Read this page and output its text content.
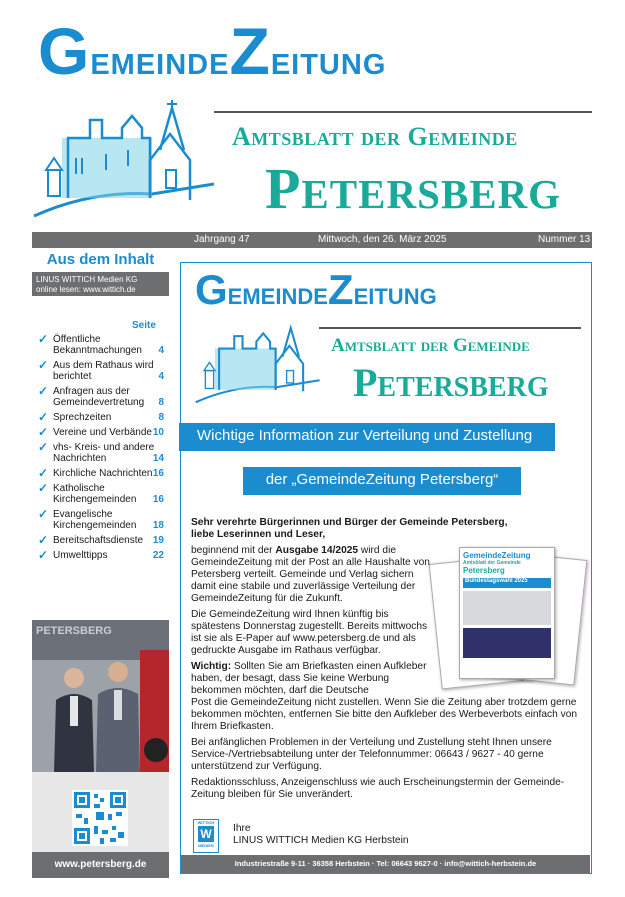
GemeindeZeitung
Amtsblatt der Gemeinde
Petersberg
Jahrgang 47	Mittwoch, den 26. März 2025	Nummer 13
Aus dem Inhalt
LINUS WITTICH Medien KG
online lesen: www.wittich.de
Seite
✓ Öffentliche Bekanntmachungen 4
✓ Aus dem Rathaus wird berichtet	4
✓ Anfragen aus der Gemeindevertretung 8
✓ Sprechzeiten	8
✓ Vereine und Verbände 10
✓ vhs- Kreis- und andere Nachrichten	14
✓ Kirchliche Nachrichten 16
✓ Katholische Kirchengemeinden 16
✓ Evangelische Kirchengemeinden 18
✓ Bereitschaftsdienste 19
✓ Umwelttipps	22
PETERSBERG
www.petersberg.de
GemeindeZeitung
Amtsblatt der Gemeinde
Petersberg
Wichtige Information zur Verteilung und Zustellung
der „GemeindeZeitung Petersberg“
GemeindeZeitung
Amtsblatt der Gemeinde
Petersberg
Bundestagswahl 2025

Sehr verehrte Bürgerinnen und Bürger der Gemeinde Petersberg,
liebe Leserinnen und Leser,

beginnend mit der Ausgabe 14/2025 wird die GemeindeZeitung mit der Post an alle Haushalte von Petersberg verteilt. Gemeinde und Verlag sichern damit eine stabile und zuverlässige Verteilung der GemeindeZeitung für die Zukunft.

Die GemeindeZeitung wird Ihnen künftig bis spätestens Donnerstag zugestellt. Bereits mittwochs ist sie als E-Paper auf www.petersberg.de und als gedruckte Ausgabe im Rathaus verfügbar.

Wichtig: Sollten Sie am Briefkasten einen Aufkleber haben, der besagt, dass Sie keine Werbung bekommen möchten, darf die Deutsche
Post die GemeindeZeitung nicht zustellen. Wenn Sie die Zeitung aber trotzdem gerne bekommen möchten, entfernen Sie bitte den Aufkleber des Werbeverbots einfach von Ihrem Briefkasten.

Bei anfänglichen Problemen in der Verteilung und Zustellung steht Ihnen unsere Service-/Vertriebsabteilung unter der Telefonnummer: 06643 / 9627 - 40 gerne unterstützend zur Verfügung.

Redaktionsschluss, Anzeigenschluss wie auch Erscheinungstermin der Gemeinde-Zeitung bleiben für Sie unverändert.

WITTICH
W
MEDIEN
Ihre
LINUS WITTICH Medien KG Herbstein
Industriestraße 9-11 · 36358 Herbstein · Tel: 06643 9627-0 · info@wittich-herbstein.de
